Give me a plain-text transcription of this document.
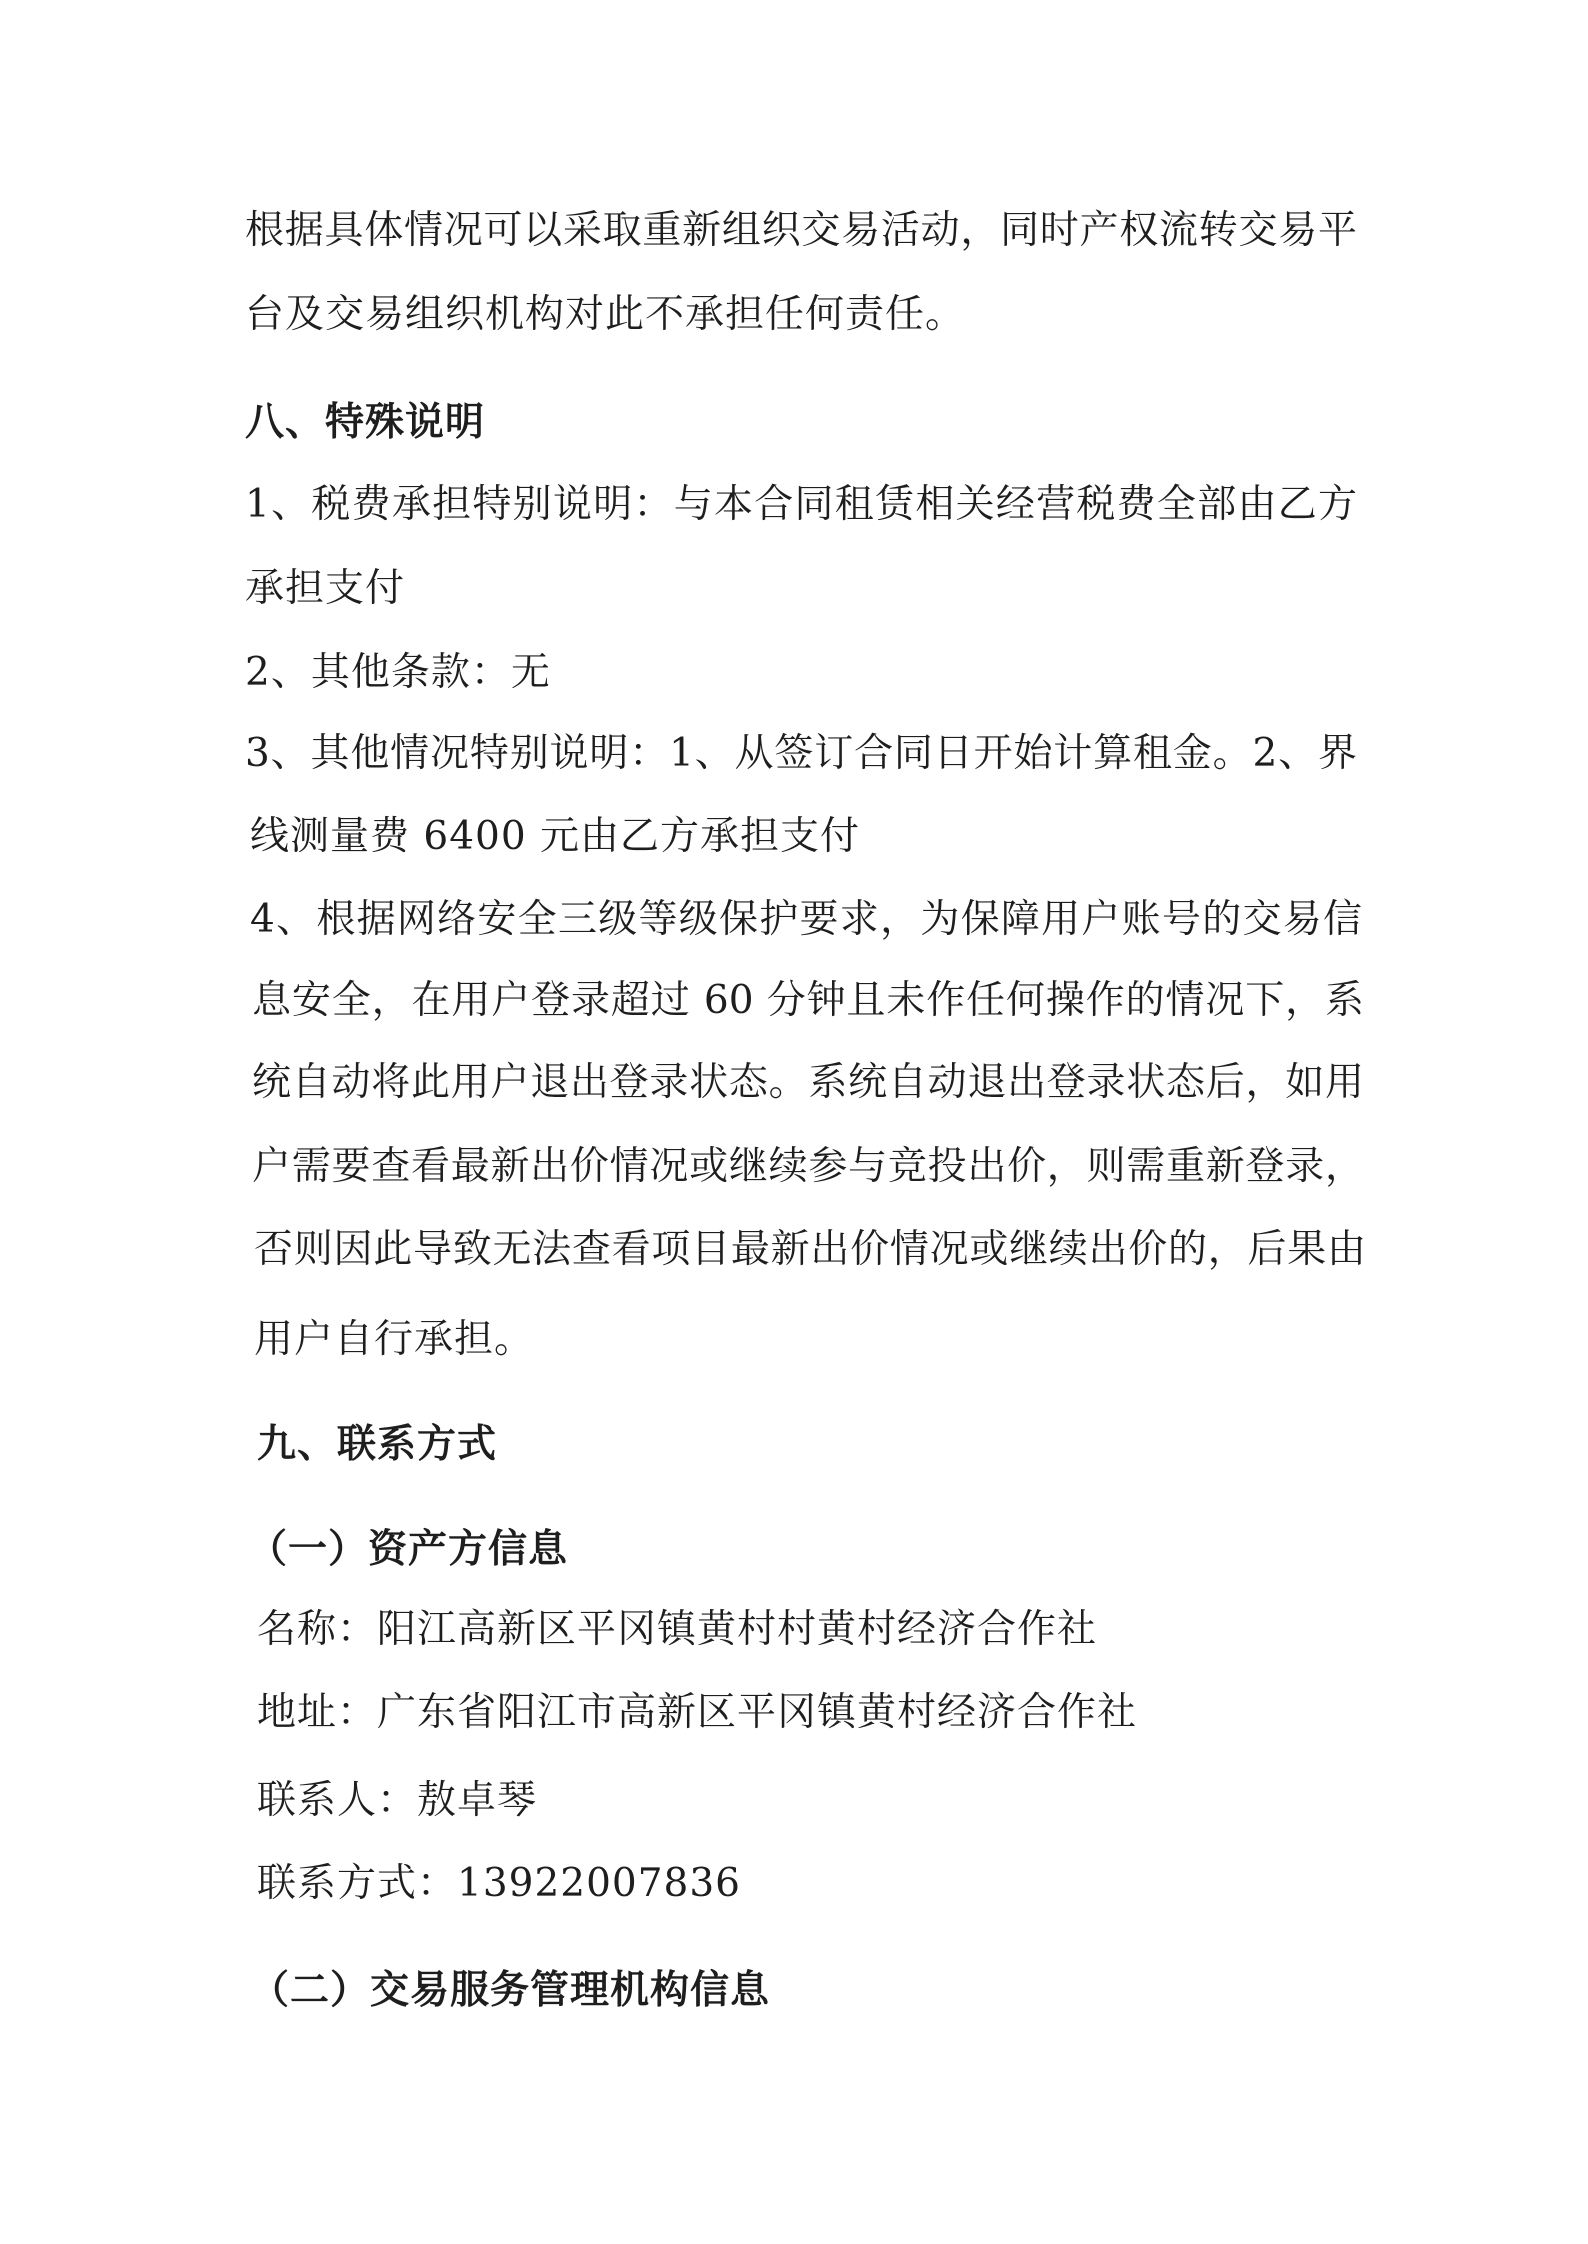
根据具体情况可以采取重新组织交易活动，同时产权流转交易平
台及交易组织机构对此不承担任何责任。
八、特殊说明
1、税费承担特别说明：与本合同租赁相关经营税费全部由乙方
承担支付
2、其他条款：无
3、其他情况特别说明：1、从签订合同日开始计算租金。2、界
线测量费 6400 元由乙方承担支付
4、根据网络安全三级等级保护要求，为保障用户账号的交易信
息安全，在用户登录超过 60 分钟且未作任何操作的情况下，系
统自动将此用户退出登录状态。系统自动退出登录状态后，如用
户需要查看最新出价情况或继续参与竞投出价，则需重新登录，
否则因此导致无法查看项目最新出价情况或继续出价的，后果由
用户自行承担。
九、联系方式
（一）资产方信息
名称：阳江高新区平冈镇黄村村黄村经济合作社
地址：广东省阳江市高新区平冈镇黄村经济合作社
联系人：敖卓琴
联系方式：13922007836
（二）交易服务管理机构信息
